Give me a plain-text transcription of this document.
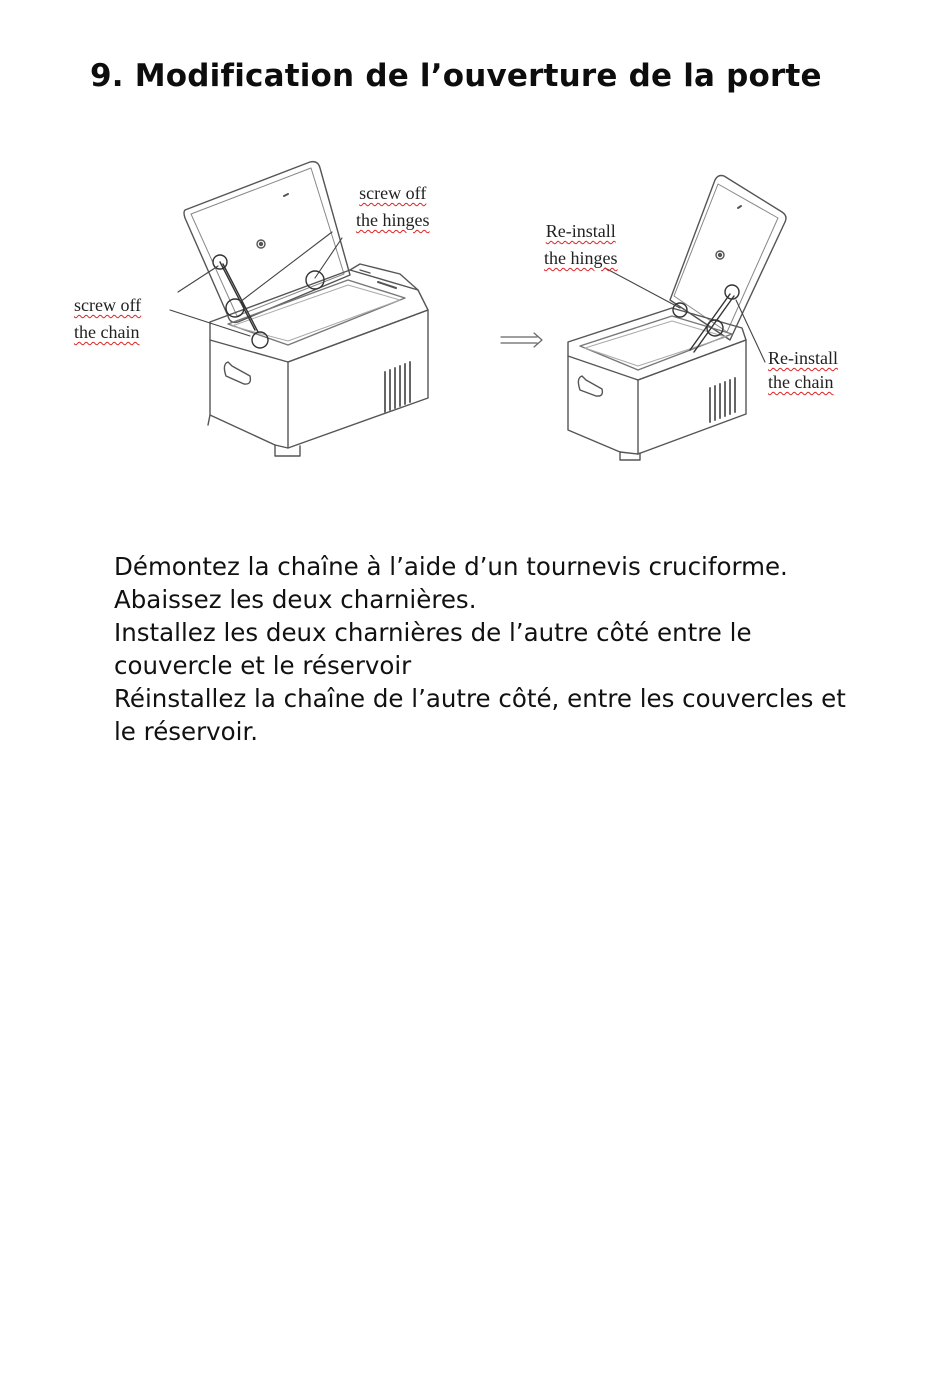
9. Modification de l’ouverture de la porte
screw off
the hinges
screw off
the chain
Re-install
the hinges
Re-install
the chain

Démontez la chaîne à l’aide d’un tournevis cruciforme.

Abaissez les deux charnières.

Installez les deux charnières de l’autre côté entre le couvercle et le réservoir

Réinstallez la chaîne de l’autre côté, entre les couvercles et le réservoir.
